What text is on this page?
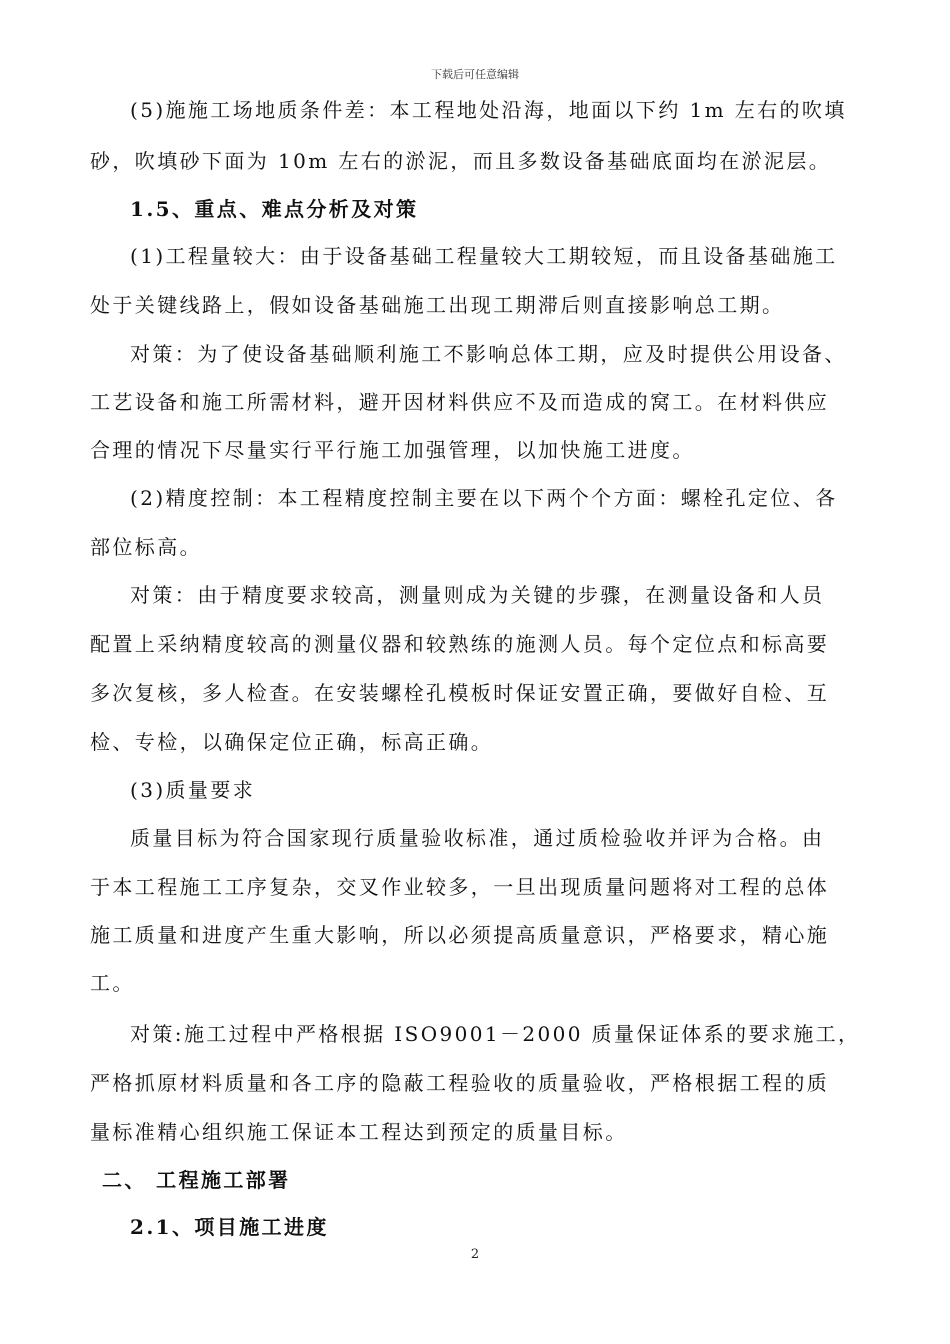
下载后可任意编辑
(5)施施工场地质条件差：本工程地处沿海，地面以下约 1m 左右的吹填
砂，吹填砂下面为 10m 左右的淤泥，而且多数设备基础底面均在淤泥层。
1.5、重点、难点分析及对策
(1)工程量较大：由于设备基础工程量较大工期较短，而且设备基础施工
处于关键线路上，假如设备基础施工出现工期滞后则直接影响总工期。
对策：为了使设备基础顺利施工不影响总体工期，应及时提供公用设备、
工艺设备和施工所需材料，避开因材料供应不及而造成的窝工。在材料供应
合理的情况下尽量实行平行施工加强管理，以加快施工进度。
(2)精度控制：本工程精度控制主要在以下两个个方面：螺栓孔定位、各
部位标高。
对策：由于精度要求较高，测量则成为关键的步骤，在测量设备和人员
配置上采纳精度较高的测量仪器和较熟练的施测人员。每个定位点和标高要
多次复核，多人检查。在安装螺栓孔模板时保证安置正确，要做好自检、互
检、专检，以确保定位正确，标高正确。
(3)质量要求
质量目标为符合国家现行质量验收标准，通过质检验收并评为合格。由
于本工程施工工序复杂，交叉作业较多，一旦出现质量问题将对工程的总体
施工质量和进度产生重大影响，所以必须提高质量意识，严格要求，精心施
工。
对策:施工过程中严格根据 ISO9001－2000 质量保证体系的要求施工，
严格抓原材料质量和各工序的隐蔽工程验收的质量验收，严格根据工程的质
量标准精心组织施工保证本工程达到预定的质量目标。
二、 工程施工部署
2.1、项目施工进度
2
